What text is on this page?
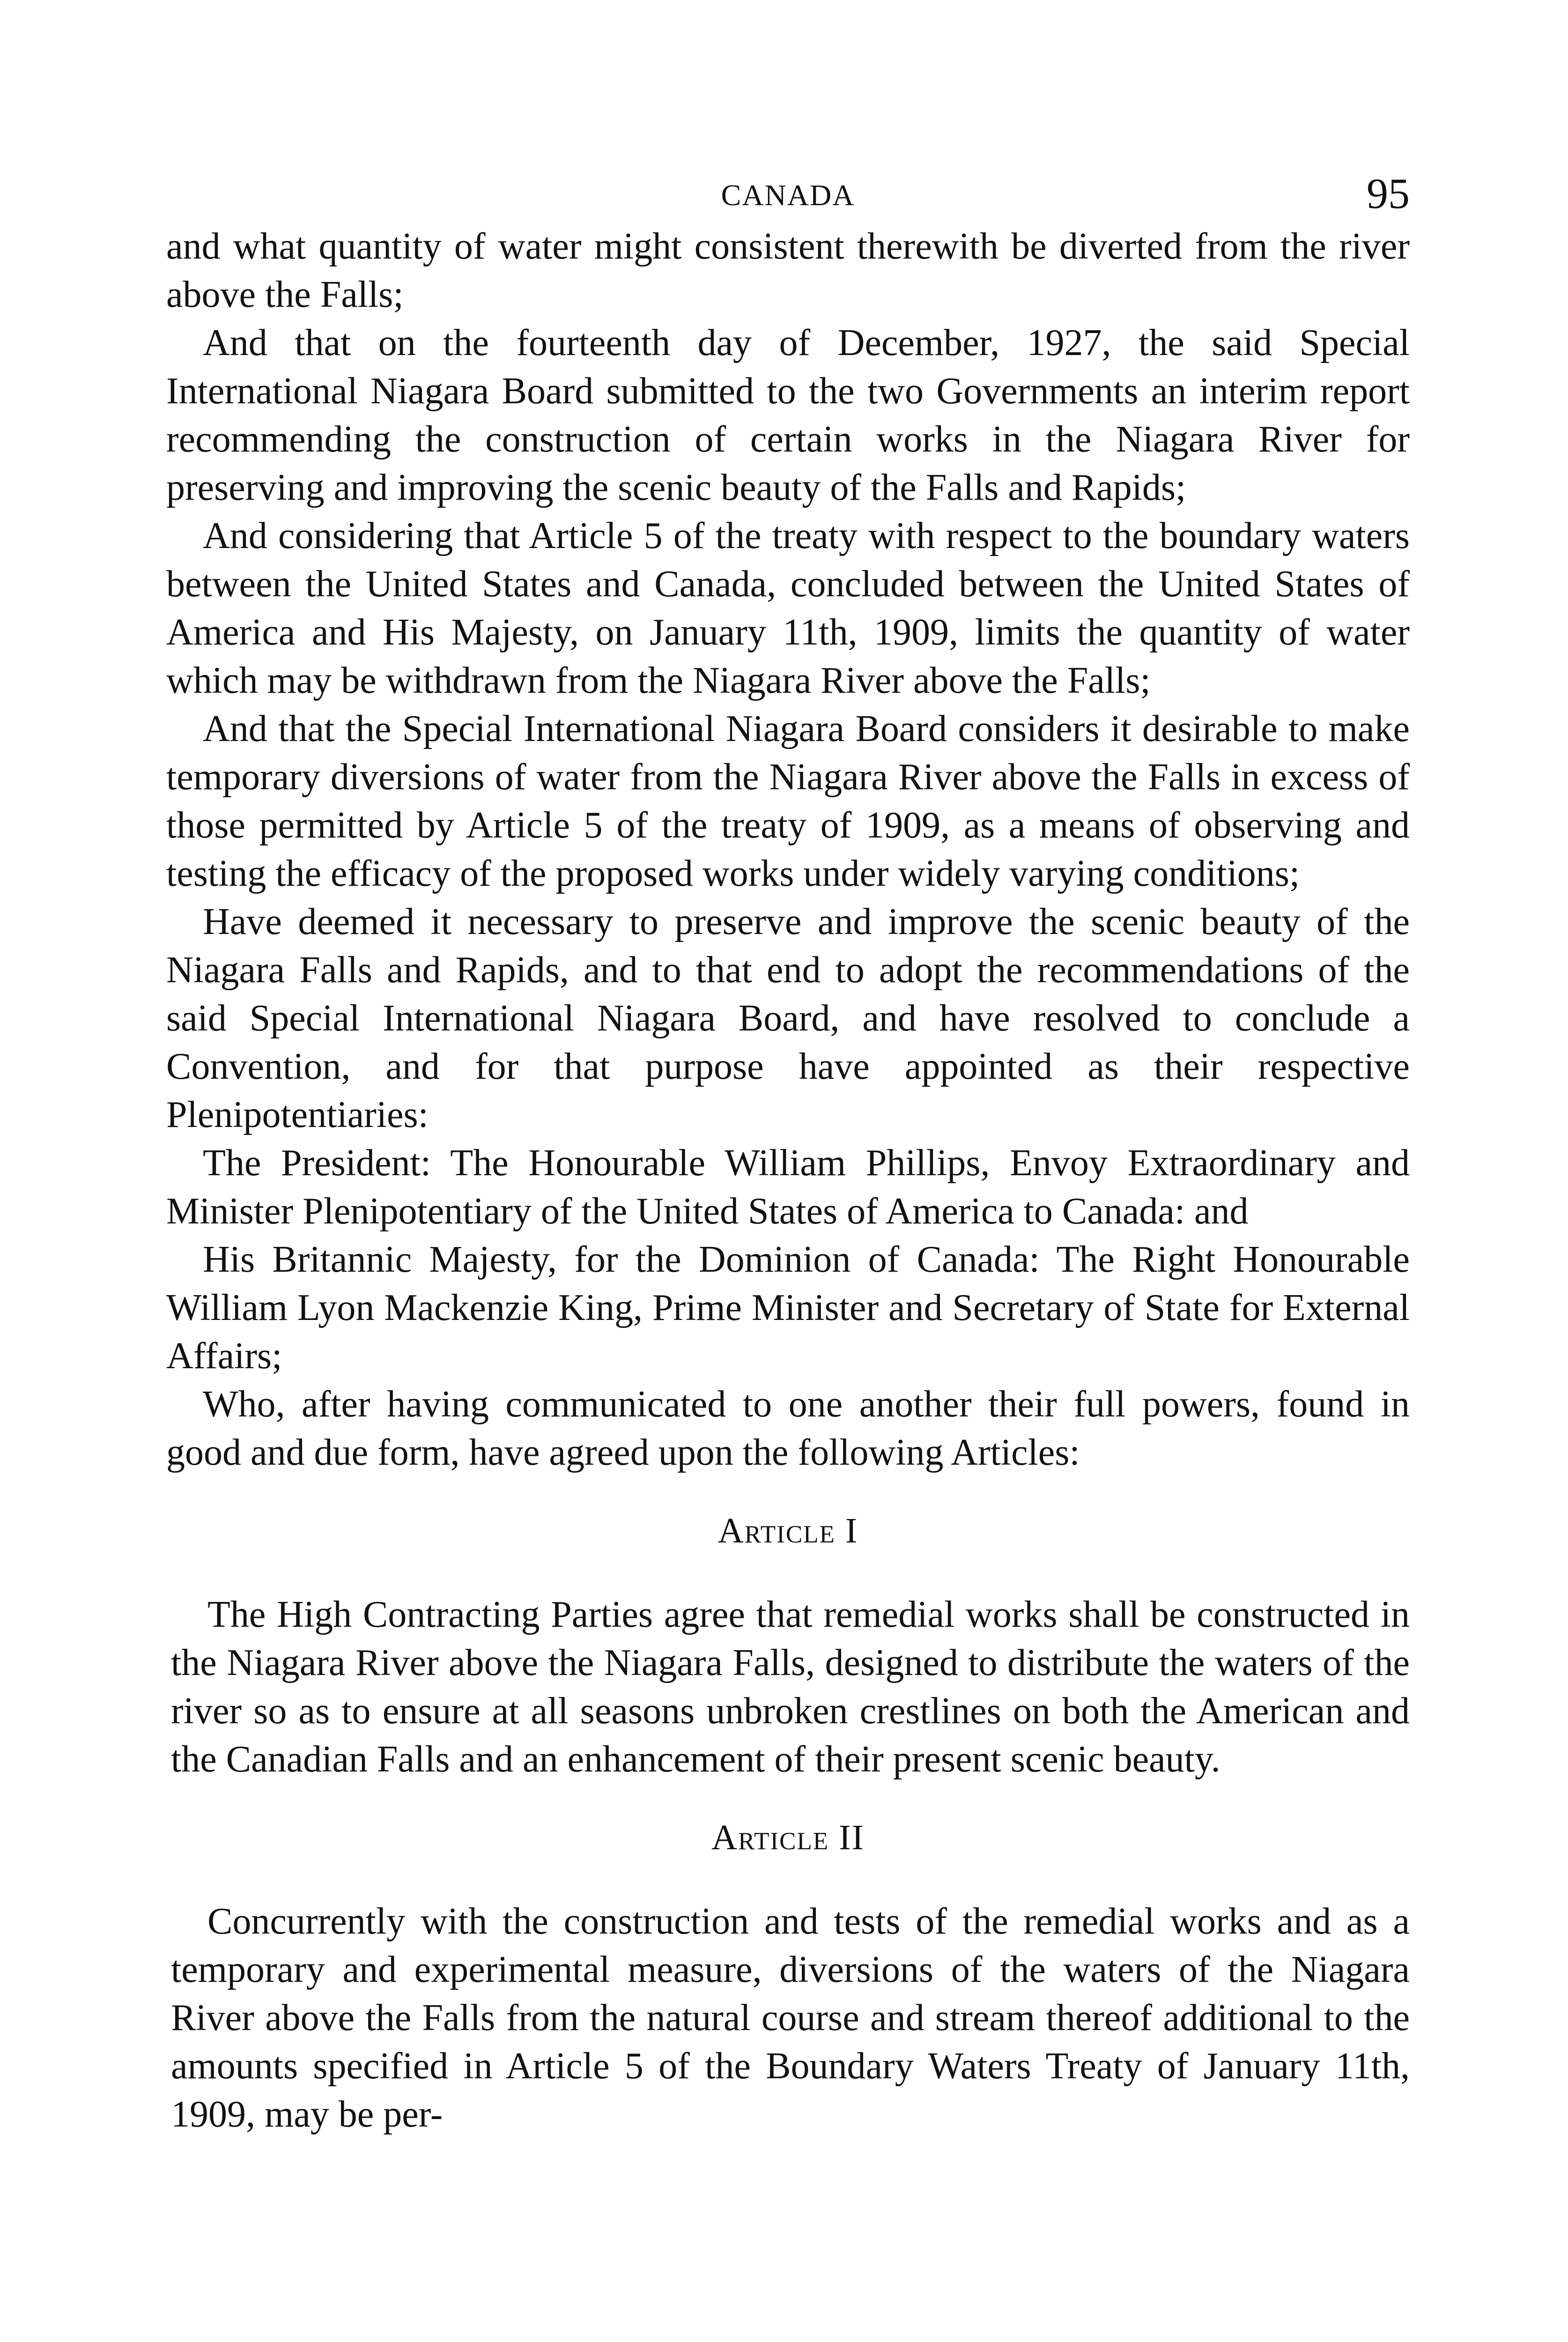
CANADA	95

and what quantity of water might consistent therewith be diverted from the river above the Falls;

And that on the fourteenth day of December, 1927, the said Special International Niagara Board submitted to the two Governments an interim report recommending the construction of certain works in the Niagara River for preserving and improving the scenic beauty of the Falls and Rapids;

And considering that Article 5 of the treaty with respect to the boundary waters between the United States and Canada, concluded between the United States of America and His Majesty, on January 11th, 1909, limits the quantity of water which may be withdrawn from the Niagara River above the Falls;

And that the Special International Niagara Board considers it desirable to make temporary diversions of water from the Niagara River above the Falls in excess of those permitted by Article 5 of the treaty of 1909, as a means of observing and testing the efficacy of the proposed works under widely varying conditions;

Have deemed it necessary to preserve and improve the scenic beauty of the Niagara Falls and Rapids, and to that end to adopt the recommendations of the said Special International Niagara Board, and have resolved to conclude a Convention, and for that purpose have appointed as their respective Plenipotentiaries:

The President: The Honourable William Phillips, Envoy Extraordinary and Minister Plenipotentiary of the United States of America to Canada: and

His Britannic Majesty, for the Dominion of Canada: The Right Honourable William Lyon Mackenzie King, Prime Minister and Secretary of State for External Affairs;

Who, after having communicated to one another their full powers, found in good and due form, have agreed upon the following Articles:

Article I

The High Contracting Parties agree that remedial works shall be constructed in the Niagara River above the Niagara Falls, designed to distribute the waters of the river so as to ensure at all seasons unbroken crestlines on both the American and the Canadian Falls and an enhancement of their present scenic beauty.

Article II

Concurrently with the construction and tests of the remedial works and as a temporary and experimental measure, diversions of the waters of the Niagara River above the Falls from the natural course and stream thereof additional to the amounts specified in Article 5 of the Boundary Waters Treaty of January 11th, 1909, may be per-
